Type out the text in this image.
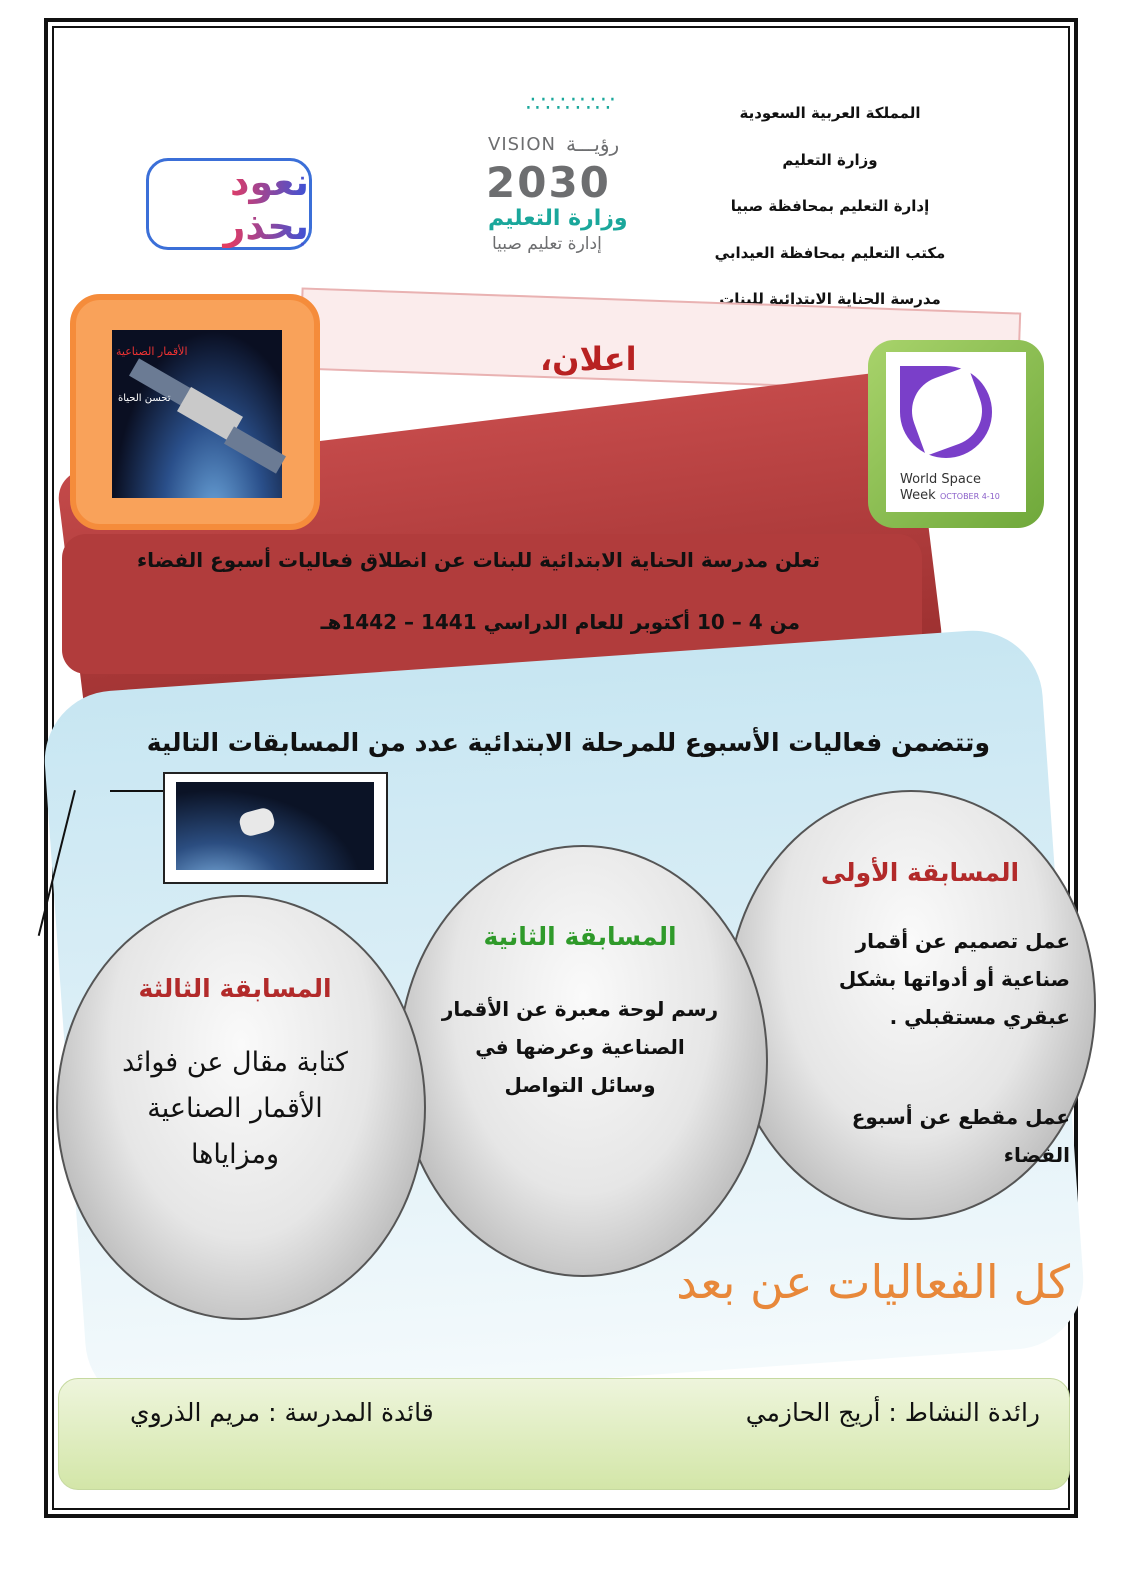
المملكة العربية السعودية
وزارة التعليم
إدارة التعليم بمحافظة صبيا
مكتب التعليم بمحافظة العيدابي
مدرسة الحناية الابتدائية للبنات
نعود بحذر
∴∵∴∵∴∵
VISION رؤيـــة
2030
وزارة التعليم
إدارة تعليم صبيا
اعلان،
الأقمار الصناعية
تحسن الحياة
World Space
Week OCTOBER 4-10
تعلن مدرسة الحناية الابتدائية للبنات عن انطلاق فعاليات أسبوع الفضاء
من 4 – 10 أكتوبر للعام الدراسي 1441 – 1442هـ
وتتضمن فعاليات الأسبوع للمرحلة الابتدائية عدد من المسابقات التالية
المسابقة الأولى
عمل تصميم عن أقمار صناعية أو أدواتها بشكل عبقري مستقبلي .
عمل مقطع عن أسبوع الفضاء
المسابقة الثانية
رسم لوحة معبرة عن الأقمار الصناعية وعرضها في وسائل التواصل
المسابقة الثالثة
كتابة مقال عن فوائد الأقمار الصناعية ومزاياها
كل الفعاليات عن بعد
رائدة النشاط : أريج الحازمي
قائدة المدرسة : مريم الذروي
